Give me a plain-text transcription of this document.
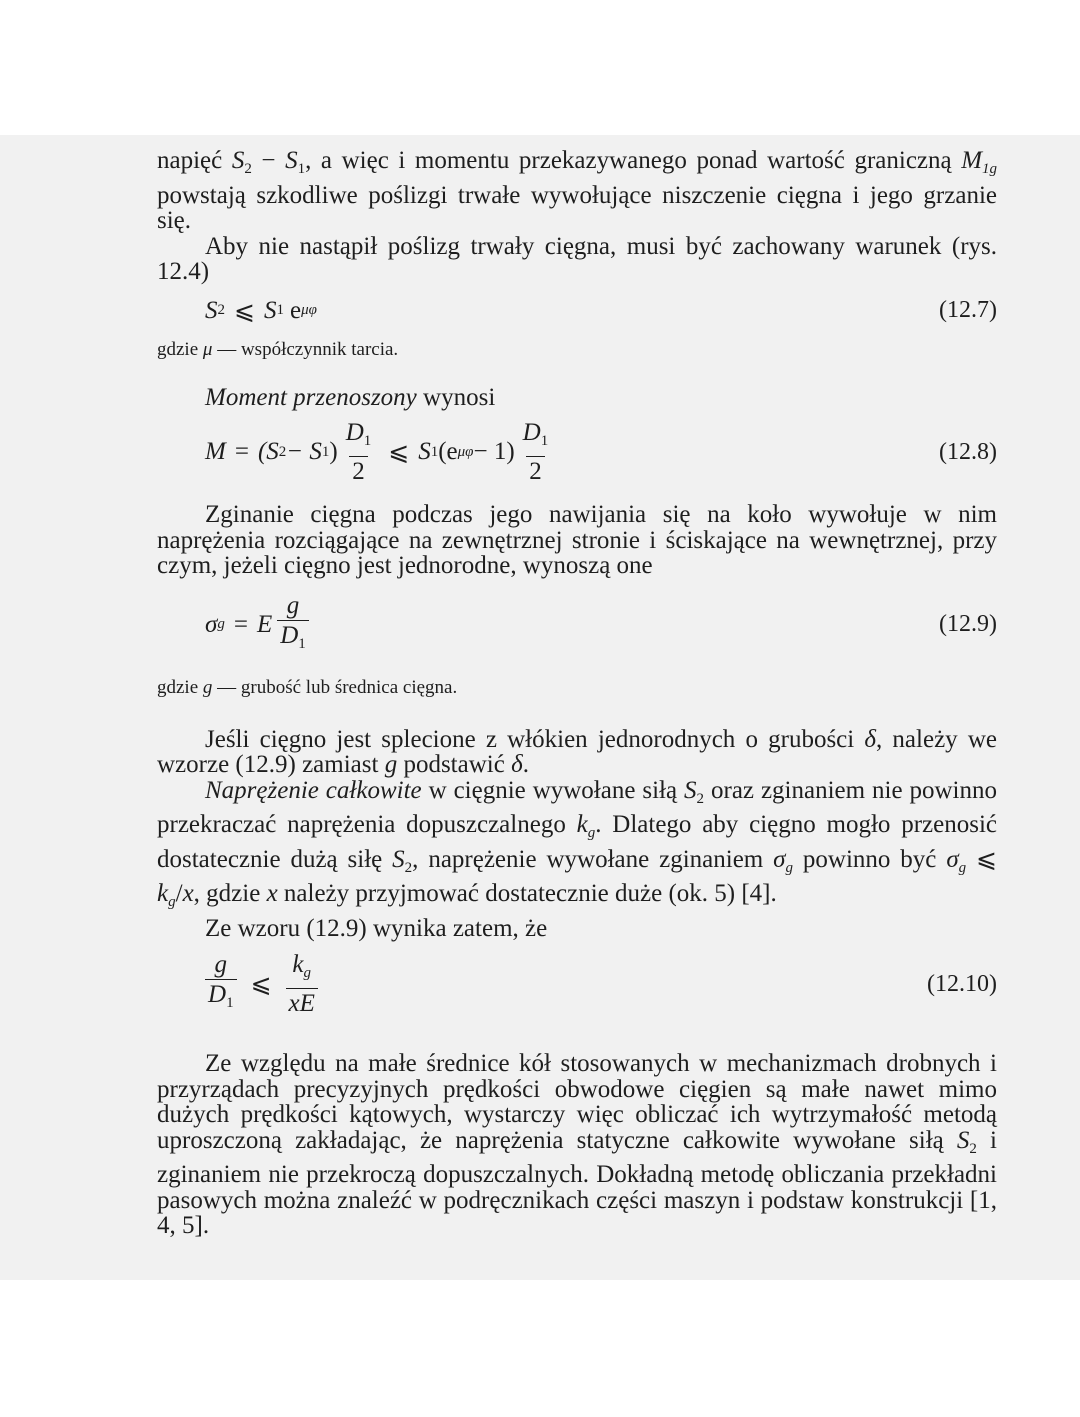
napięć $S_2 - S_1$, a więc i momentu przekazywanego ponad wartość graniczną $M_{1g}$ powstają szkodliwe poślizgi trwałe wywołujące niszczenie cięgna i jego grzanie się.

Aby nie nastąpił poślizg trwały cięgna, musi być zachowany warunek (rys. 12.4)

S 2 ⩽ S 1 e μφ	(12.7)

gdzie μ — współczynnik tarcia.

Moment przenoszony wynosi

M = (S 2 − S 1 ) $\frac{D_1}{2}$ ⩽ S 1 (e $\mu\varphi - 1) \frac{D_1}{2}$	(12.8)

Zginanie cięgna podczas jego nawijania się na koło wywołuje w nim naprężenia rozciągające na zewnętrznej stronie i ściskające na wewnętrznej, przy czym, jeżeli cięgno jest jednorodne, wynoszą one

σ g = E $\frac{g}{D_1}$	(12.9)

gdzie g — grubość lub średnica cięgna.

Jeśli cięgno jest splecione z włókien jednorodnych o grubości δ, należy we wzorze (12.9) zamiast g podstawić δ.

Naprężenie całkowite w cięgnie wywołane siłą $S_2$ oraz zginaniem nie powinno przekraczać naprężenia dopuszczalnego $k_g$. Dlatego aby cięgno mogło przenosić dostatecznie dużą siłę $S_2$, naprężenie wywołane zginaniem $\sigma_g$ powinno być $\sigma_g$ ⩽ $k_g/x$, gdzie x należy przyjmować dostatecznie duże (ok. 5) [4].

Ze wzoru (12.9) wynika zatem, że

$\frac{g}{D_1}$ ⩽ $\frac{k_g}{xE}$	(12.10)

Ze względu na małe średnice kół stosowanych w mechanizmach drobnych i przyrządach precyzyjnych prędkości obwodowe cięgien są małe nawet mimo dużych prędkości kątowych, wystarczy więc obliczać ich wytrzymałość metodą uproszczoną zakładając, że naprężenia statyczne całkowite wywołane siłą $S_2$ i zginaniem nie przekroczą dopuszczalnych. Dokładną metodę obliczania przekładni pasowych można znaleźć w podręcznikach części maszyn i podstaw konstrukcji [1, 4, 5].
